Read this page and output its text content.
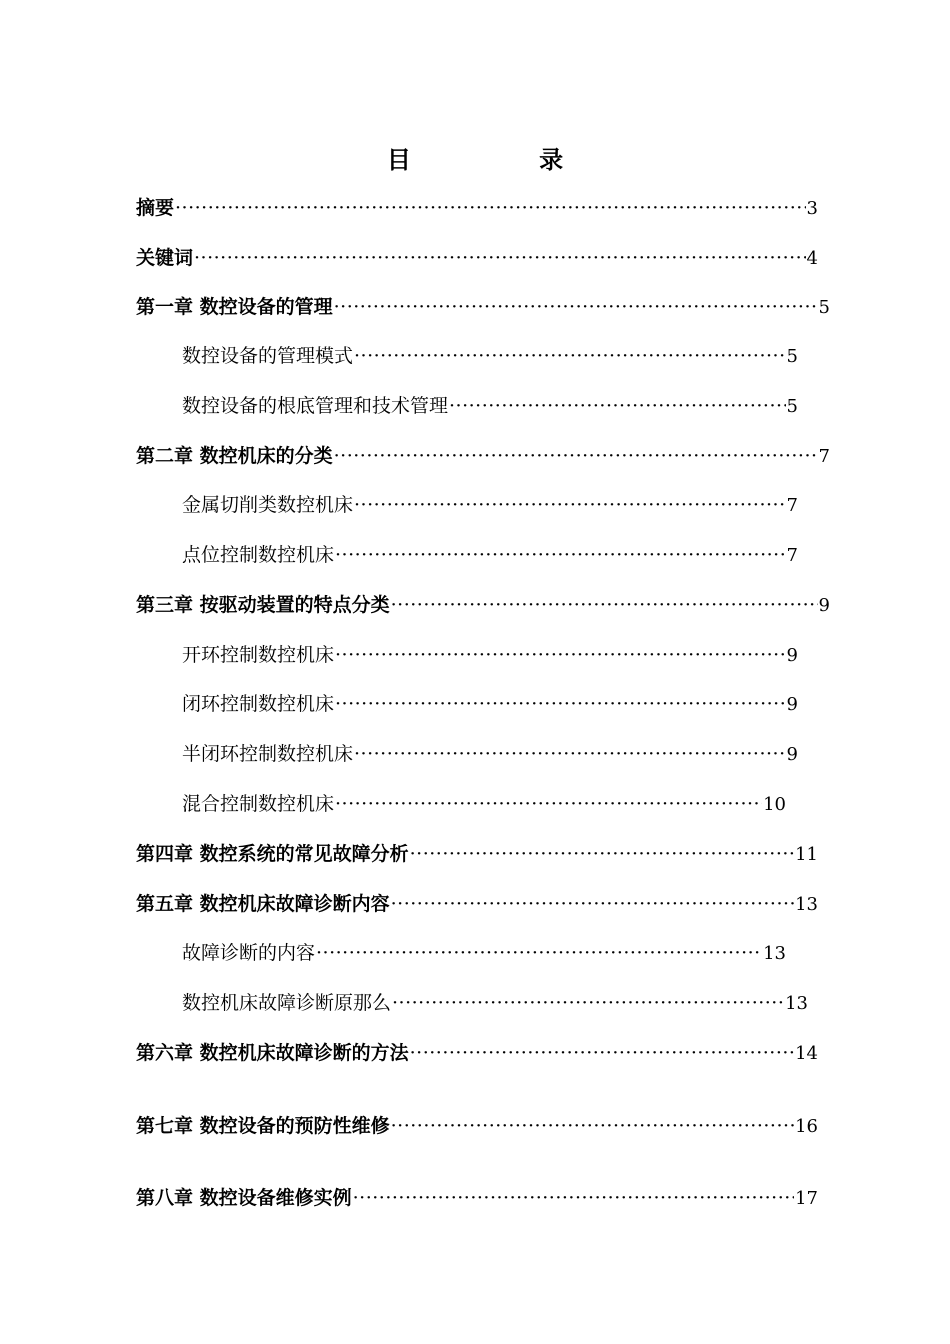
目 录
摘要 ·····	3
关键词 ·····	4
第一章 数控设备的管理 ·····	5
数控设备的管理模式 ·····	5
数控设备的根底管理和技术管理 ·····	5
第二章 数控机床的分类 ·····	7
金属切削类数控机床 ·····	7
点位控制数控机床 ·····	7
第三章 按驱动装置的特点分类 ·····	9
开环控制数控机床 ·····	9
闭环控制数控机床 ·····	9
半闭环控制数控机床 ·····	9
混合控制数控机床 ·····	10
第四章 数控系统的常见故障分析 ·····	11
第五章 数控机床故障诊断内容 ·····	13
故障诊断的内容 ·····	13
数控机床故障诊断原那么 ·····	13
第六章 数控机床故障诊断的方法 ·····	14
第七章 数控设备的预防性维修 ·····	16
第八章 数控设备维修实例 ·····	17
